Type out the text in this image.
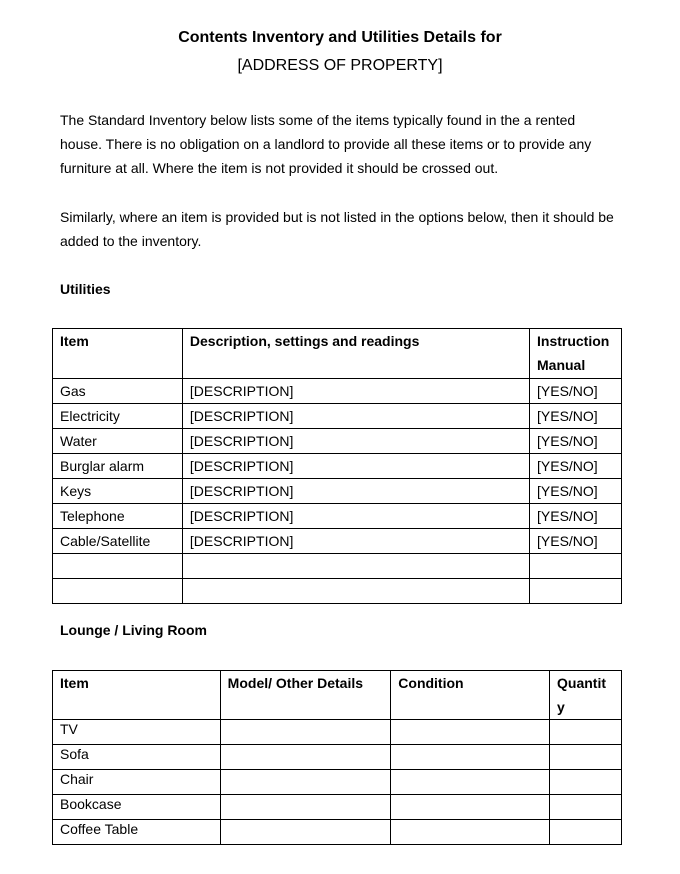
Contents Inventory and Utilities Details for
[ADDRESS OF PROPERTY]
The Standard Inventory below lists some of the items typically found in the a rented house. There is no obligation on a landlord to provide all these items or to provide any furniture at all. Where the item is not provided it should be crossed out.
Similarly, where an item is provided but is not listed in the options below, then it should be added to the inventory.
Utilities
Item	Description, settings and readings	Instruction Manual
Gas	[DESCRIPTION]	[YES/NO]
Electricity	[DESCRIPTION]	[YES/NO]
Water	[DESCRIPTION]	[YES/NO]
Burglar alarm	[DESCRIPTION]	[YES/NO]
Keys	[DESCRIPTION]	[YES/NO]
Telephone	[DESCRIPTION]	[YES/NO]
Cable/Satellite	[DESCRIPTION]	[YES/NO]

Lounge / Living Room
Item	Model/ Other Details	Condition	Quantit y
TV			
Sofa			
Chair			
Bookcase			
Coffee Table			
